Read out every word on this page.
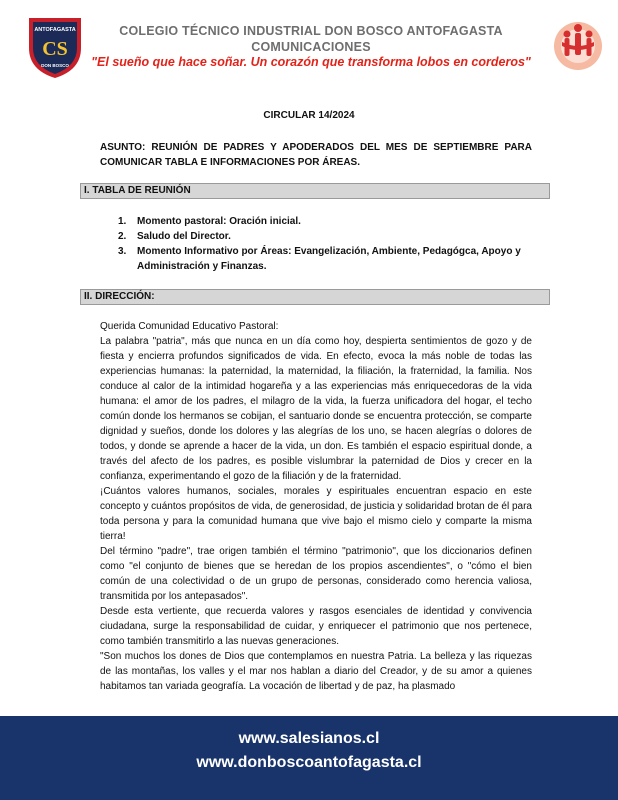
ANTOFAGASTA
CS
DON BOSCO
COLEGIO TÉCNICO INDUSTRIAL DON BOSCO ANTOFAGASTA
COMUNICACIONES
"El sueño que hace soñar. Un corazón que transforma lobos en corderos"
CIRCULAR 14/2024
ASUNTO: REUNIÓN DE PADRES Y APODERADOS DEL MES DE SEPTIEMBRE PARA COMUNICAR TABLA E INFORMACIONES POR ÁREAS.
I. TABLA DE REUNIÓN
1. Momento pastoral: Oración inicial.
2. Saludo del Director.
3. Momento Informativo por Áreas: Evangelización, Ambiente, Pedagógca, Apoyo y Administración y Finanzas.
II. DIRECCIÓN:

Querida Comunidad Educativo Pastoral:

La palabra "patria", más que nunca en un día como hoy, despierta sentimientos de gozo y de fiesta y encierra profundos significados de vida. En efecto, evoca la más noble de todas las experiencias humanas: la paternidad, la maternidad, la filiación, la fraternidad, la familia. Nos conduce al calor de la intimidad hogareña y a las experiencias más enriquecedoras de la vida humana: el amor de los padres, el milagro de la vida, la fuerza unificadora del hogar, el techo común donde los hermanos se cobijan, el santuario donde se encuentra protección, se comparte dignidad y sueños, donde los dolores y las alegrías de los uno, se hacen alegrías o dolores de todos, y donde se aprende a hacer de la vida, un don. Es también el espacio espiritual donde, a través del afecto de los padres, es posible vislumbrar la paternidad de Dios y crecer en la confianza, experimentando el gozo de la filiación y de la fraternidad.

¡Cuántos valores humanos, sociales, morales y espirituales encuentran espacio en este concepto y cuántos propósitos de vida, de generosidad, de justicia y solidaridad brotan de él para toda persona y para la comunidad humana que vive bajo el mismo cielo y comparte la misma tierra!

Del término "padre", trae origen también el término "patrimonio", que los diccionarios definen como "el conjunto de bienes que se heredan de los propios ascendientes", o "cómo el bien común de una colectividad o de un grupo de personas, considerado como herencia valiosa, transmitida por los antepasados".

Desde esta vertiente, que recuerda valores y rasgos esenciales de identidad y convivencia ciudadana, surge la responsabilidad de cuidar, y enriquecer el patrimonio que nos pertenece, como también transmitirlo a las nuevas generaciones.

"Son muchos los dones de Dios que contemplamos en nuestra Patria. La belleza y las riquezas de las montañas, los valles y el mar nos hablan a diario del Creador, y de su amor a quienes habitamos tan variada geografía. La vocación de libertad y de paz, ha plasmado

www.salesianos.cl
www.donboscoantofagasta.cl
